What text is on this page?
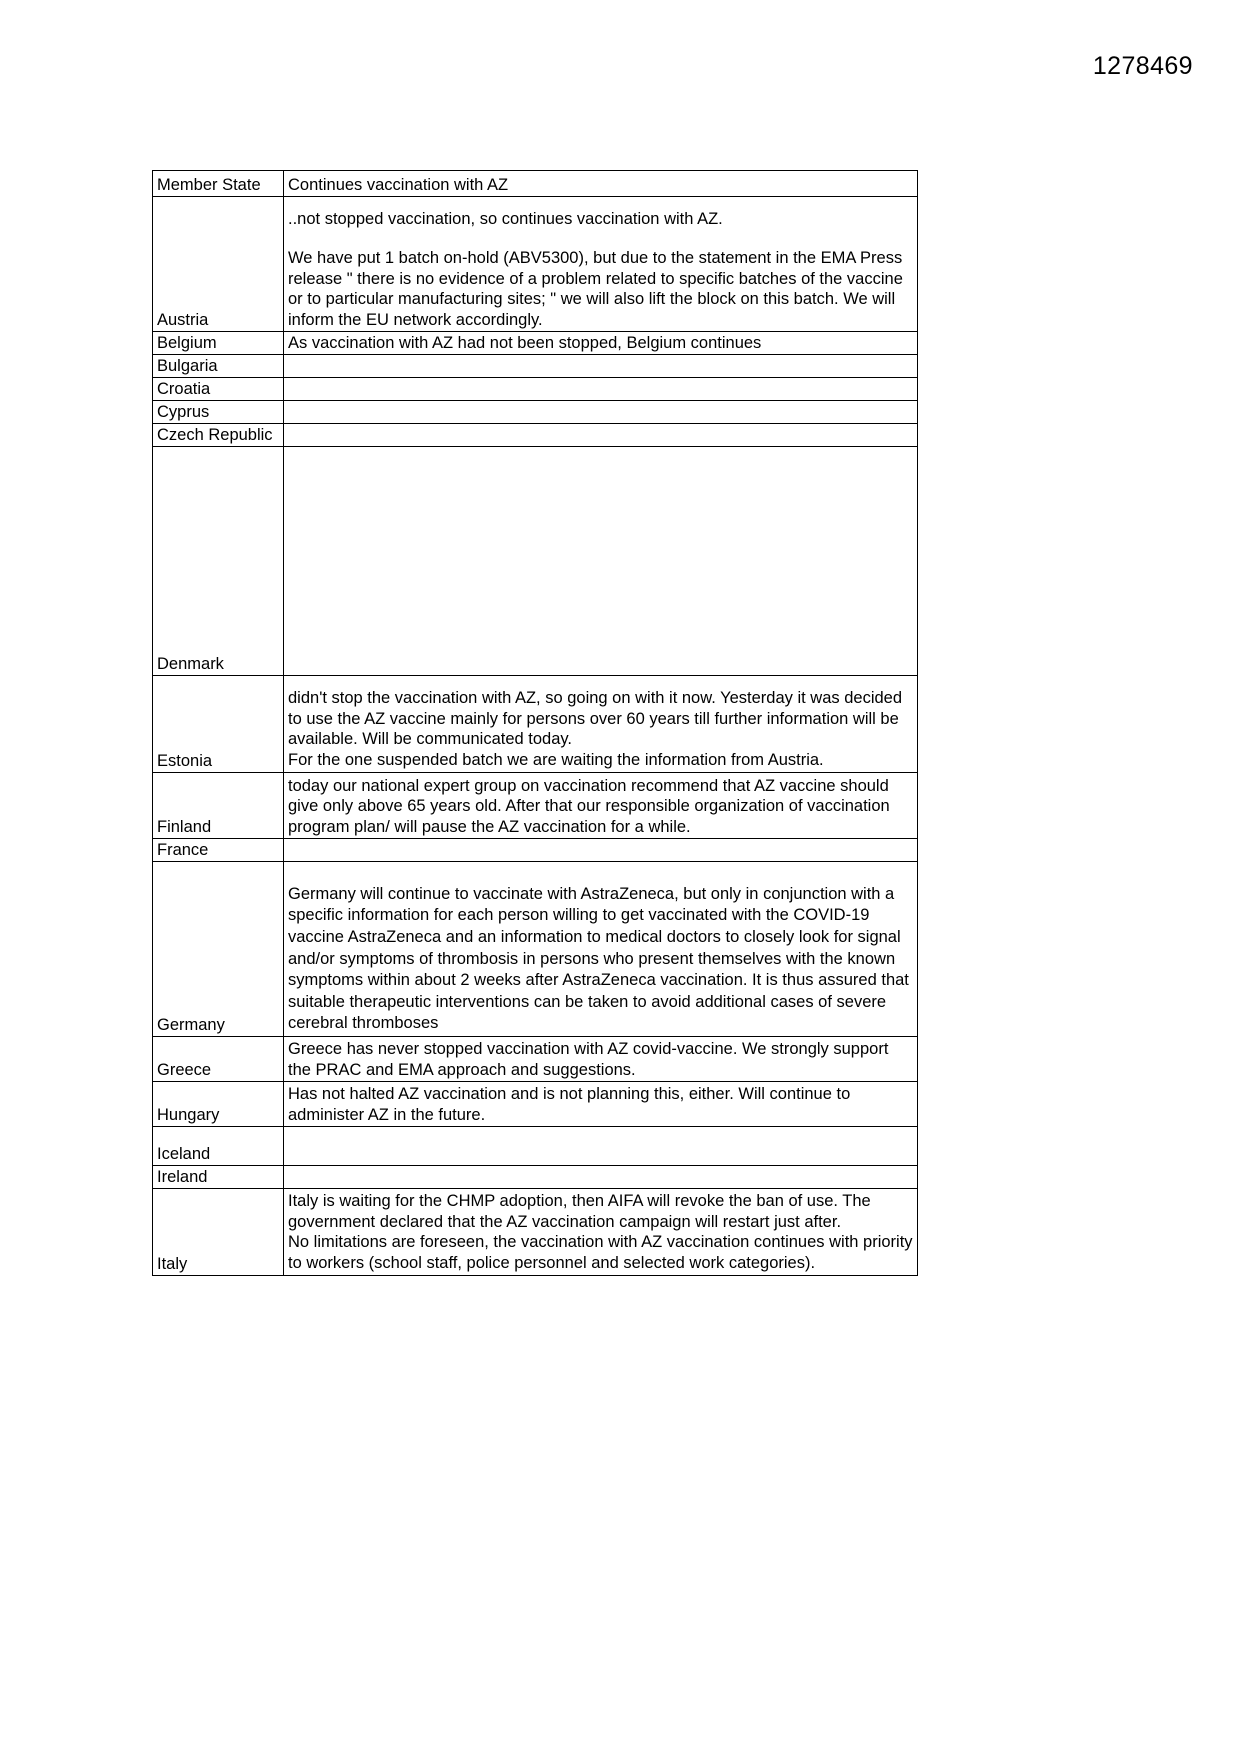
1278469
Member State	Continues vaccination with AZ
Austria	..not stopped vaccination, so continues vaccination with AZ.

We have put 1 batch on-hold (ABV5300), but due to the statement in the EMA Press release " there is no evidence of a problem related to specific batches of the vaccine or to particular manufacturing sites; " we will also lift the block on this batch. We will inform the EU network accordingly.

Belgium	As vaccination with AZ had not been stopped, Belgium continues

Bulgaria	
Croatia	
Cyprus	
Czech Republic	
Denmark	
Estonia	didn't stop the vaccination with AZ, so going on with it now. Yesterday it was decided to use the AZ vaccine mainly for persons over 60 years till further information will be available. Will be communicated today.

For the one suspended batch we are waiting the information from Austria.

Finland	today our national expert group on vaccination recommend that AZ vaccine should give only above 65 years old. After that our responsible organization of vaccination program plan/ will pause the AZ vaccination for a while.

France	
Germany	Germany will continue to vaccinate with AstraZeneca, but only in conjunction with a specific information for each person willing to get vaccinated with the COVID-19 vaccine AstraZeneca and an information to medical doctors to closely look for signal and/or symptoms of thrombosis in persons who present themselves with the known symptoms within about 2 weeks after AstraZeneca vaccination. It is thus assured that suitable therapeutic interventions can be taken to avoid additional cases of severe cerebral thromboses

Greece	Greece has never stopped vaccination with AZ covid-vaccine. We strongly support the PRAC and EMA approach and suggestions.

Hungary	Has not halted AZ vaccination and is not planning this, either. Will continue to administer AZ in the future.

Iceland	
Ireland	
Italy	Italy is waiting for the CHMP adoption, then AIFA will revoke the ban of use. The government declared that the AZ vaccination campaign will restart just after.

No limitations are foreseen, the vaccination with AZ vaccination continues with priority to workers (school staff, police personnel and selected work categories).
